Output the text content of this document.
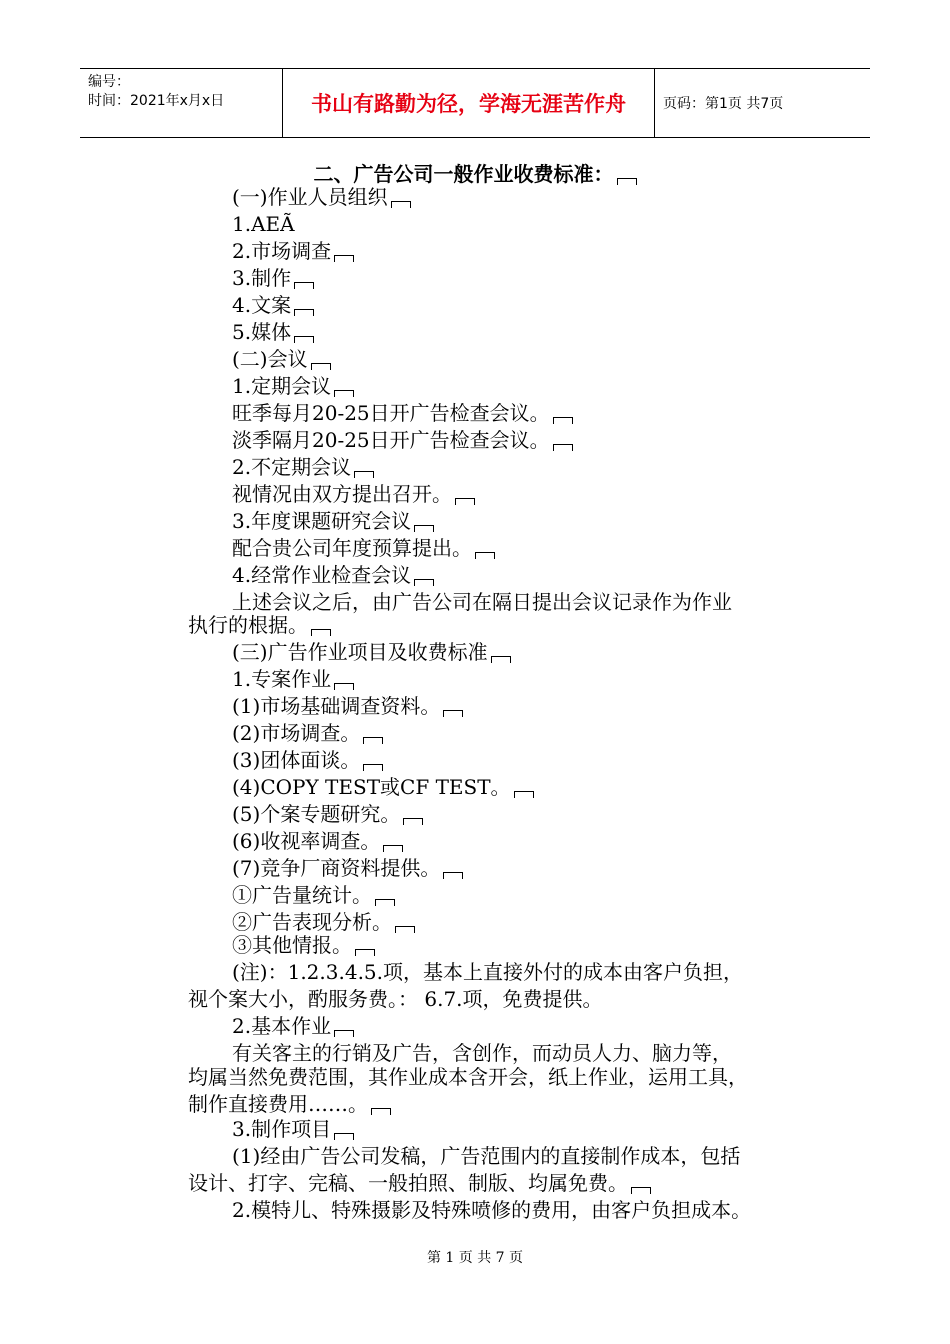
编号：
时间：2021年x月x日	书山有路勤为径，学海无涯苦作舟	页码：第1页 共7页
二、广告公司一般作业收费标准：
(一)作业人员组织
1.AEÃ
2.市场调查
3.制作
4.文案
5.媒体
(二)会议
1.定期会议
旺季每月20-25日开广告检查会议。
淡季隔月20-25日开广告检查会议。
2.不定期会议
视情况由双方提出召开。
3.年度课题研究会议
配合贵公司年度预算提出。
4.经常作业检查会议
上述会议之后，由广告公司在隔日提出会议记录作为作业
执行的根据。
(三)广告作业项目及收费标准
1.专案作业
(1)市场基础调查资料。
(2)市场调查。
(3)团体面谈。
(4)COPY TEST或CF TEST。
(5)个案专题研究。
(6)收视率调查。
(7)竞争厂商资料提供。
①广告量统计。
②广告表现分析。
③其他情报。
(注)：1.2.3.4.5.项，基本上直接外付的成本由客户负担，
视个案大小，酌服务费。： 6.7.项，免费提供。
2.基本作业
有关客主的行销及广告，含创作，而动员人力、脑力等，
均属当然免费范围，其作业成本含开会，纸上作业，运用工具，
制作直接费用……。
3.制作项目
(1)经由广告公司发稿，广告范围内的直接制作成本，包括
设计、打字、完稿、一般拍照、制版、均属免费。
2.模特儿、特殊摄影及特殊喷修的费用，由客户负担成本。
第 1 页 共 7 页
